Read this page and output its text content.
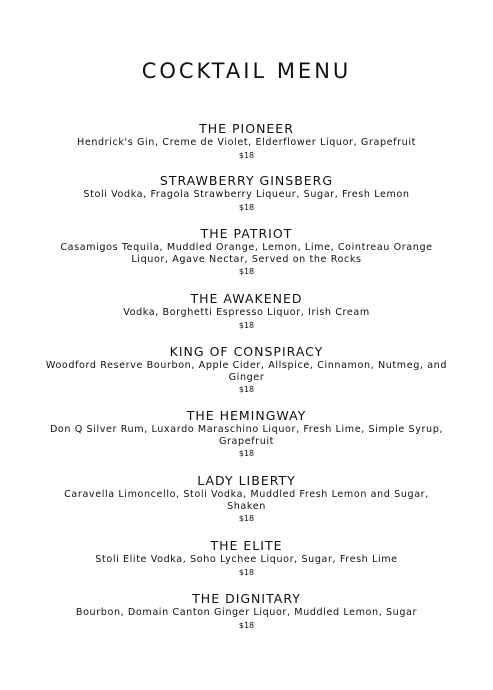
COCKTAIL MENU
THE PIONEER
Hendrick's Gin, Creme de Violet, Elderflower Liquor, Grapefruit
$18
STRAWBERRY GINSBERG
Stoli Vodka, Fragola Strawberry Liqueur, Sugar, Fresh Lemon
$18
THE PATRIOT
Casamigos Tequila, Muddled Orange, Lemon, Lime, Cointreau Orange Liquor, Agave Nectar, Served on the Rocks
$18
THE AWAKENED
Vodka, Borghetti Espresso Liquor, Irish Cream
$18
KING OF CONSPIRACY
Woodford Reserve Bourbon, Apple Cider, Allspice, Cinnamon, Nutmeg, and Ginger
$18
THE HEMINGWAY
Don Q Silver Rum, Luxardo Maraschino Liquor, Fresh Lime, Simple Syrup, Grapefruit
$18
LADY LIBERTY
Caravella Limoncello, Stoli Vodka, Muddled Fresh Lemon and Sugar, Shaken
$18
THE ELITE
Stoli Elite Vodka, Soho Lychee Liquor, Sugar, Fresh Lime
$18
THE DIGNITARY
Bourbon, Domain Canton Ginger Liquor, Muddled Lemon, Sugar
$18
